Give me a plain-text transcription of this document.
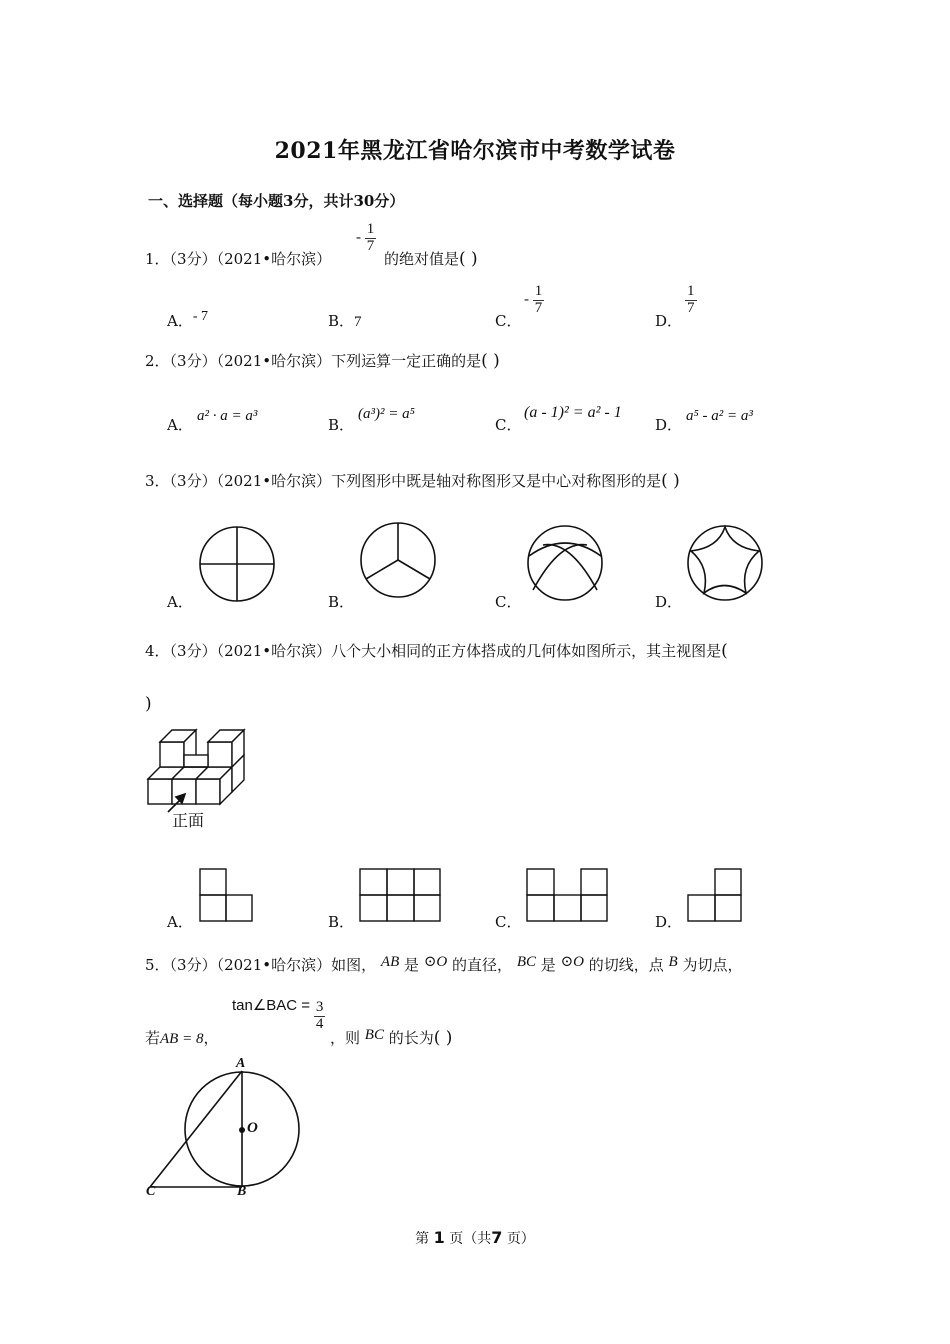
2021年黑龙江省哈尔滨市中考数学试卷
一、选择题（每小题3分，共计30分）
1．（3分）（2021•哈尔滨）
- $\frac{1}{7}$
的绝对值是( )
A．- 7	B．7	C．
- $\frac{1}{7}$
D．
$\frac{1}{7}$
2．（3分）（2021•哈尔滨）下列运算一定正确的是( )
A． a² · a = a³	B．
(a³)² = a⁵
C．
(a - 1)² = a² - 1
D． a⁵ - a² = a³
3．（3分）（2021•哈尔滨）下列图形中既是轴对称图形又是中心对称图形的是( )
A．	B．	C．	D．
4．（3分）（2021•哈尔滨）八个大小相同的正方体搭成的几何体如图所示，其主视图是(
)
正面
A．	B．	C．	D．
5．（3分）（2021•哈尔滨）如图， AB 是 ⊙O 的直径， BC 是 ⊙O 的切线，点 B 为切点，
若AB = 8，
tan∠BAC = $\frac{3}{4}$
，则 BC 的长为( )
A
O
B
C
第 1 页（共7 页）
